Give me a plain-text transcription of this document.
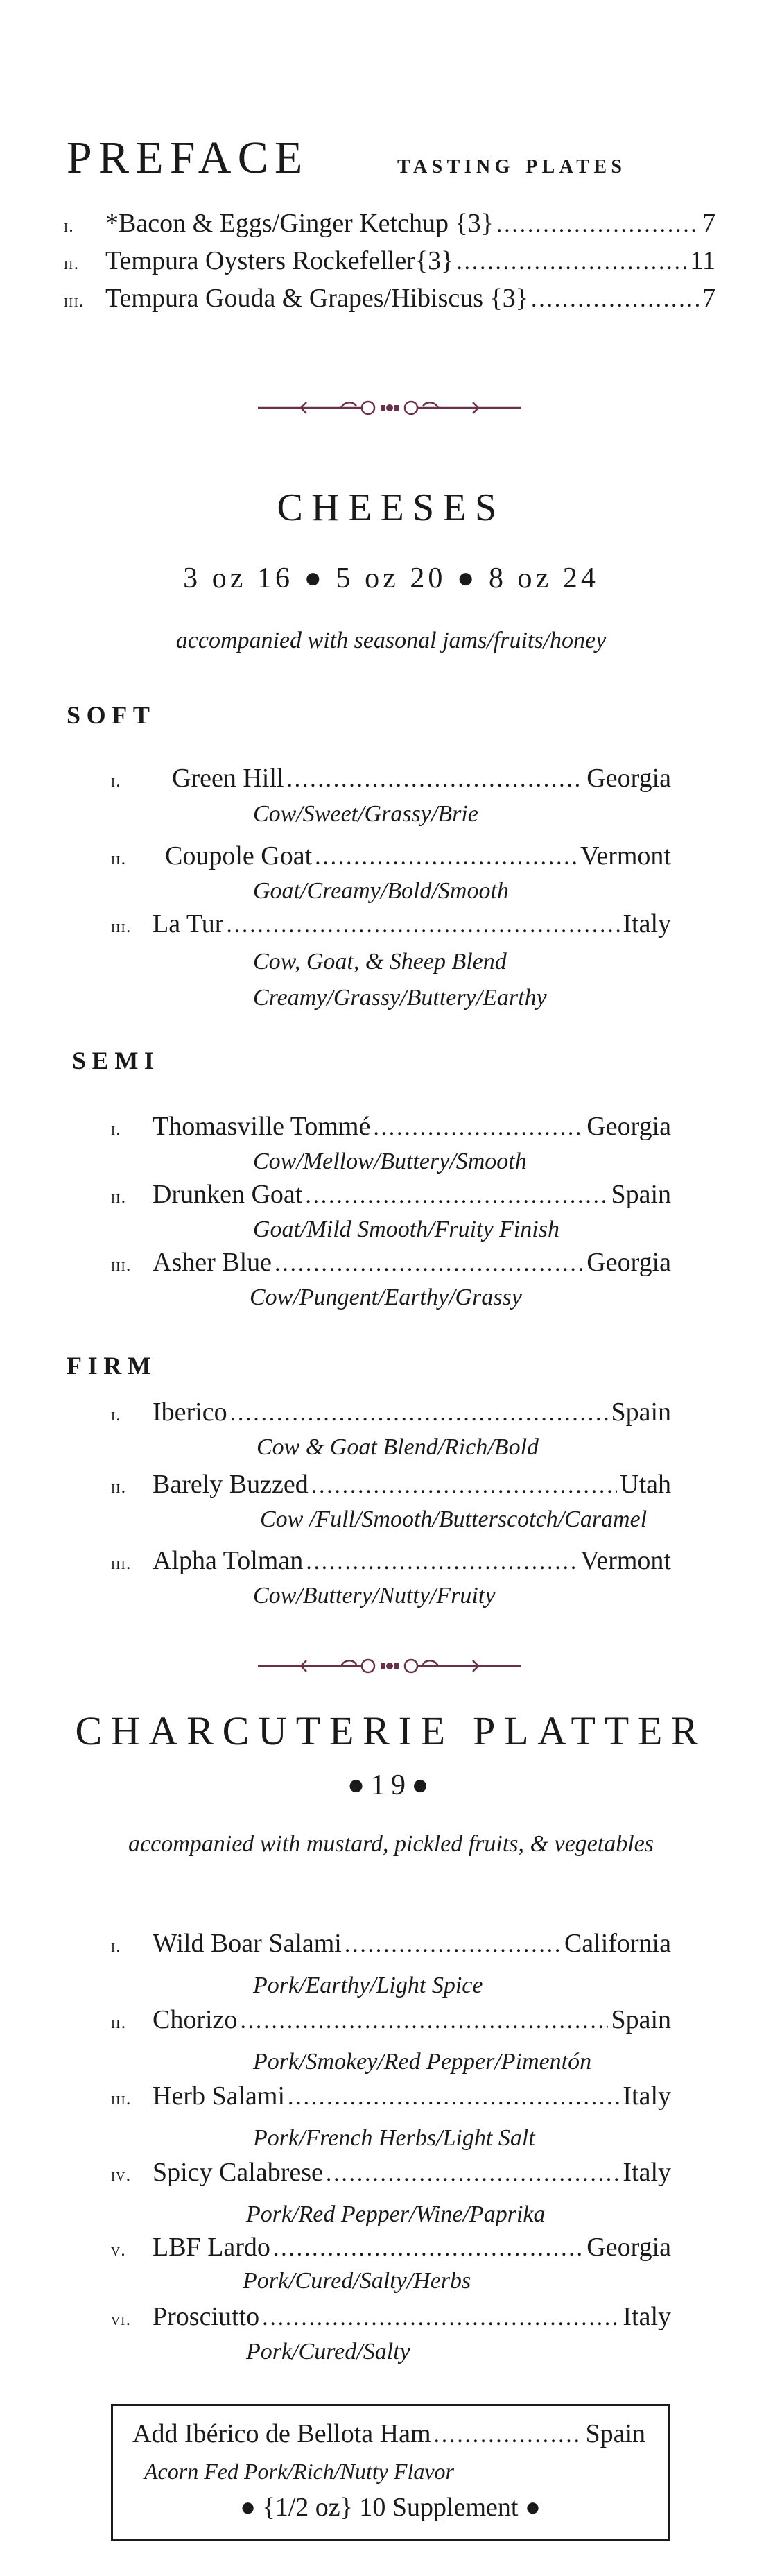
PREFACE	tasting plates
i.	*Bacon & Eggs/Ginger Ketchup {3} .....	7
ii. Tempura Oysters Rockefeller{3} .....	11
iii. Tempura Gouda & Grapes/Hibiscus {3} .....	7
CHEESES
3 oz 16 ● 5 oz 20 ● 8 oz 24
accompanied with seasonal jams/fruits/honey
SOFT
i.	Green Hill .....	Georgia
Cow/Sweet/Grassy/Brie
ii.	Coupole Goat .....	Vermont
Goat/Creamy/Bold/Smooth
iii. La Tur .....	Italy
Cow, Goat, & Sheep Blend
Creamy/Grassy/Buttery/Earthy
SEMI
i.	Thomasville Tommé .....	Georgia
Cow/Mellow/Buttery/Smooth
ii. Drunken Goat .....	Spain
Goat/Mild Smooth/Fruity Finish
iii. Asher Blue .....	Georgia
Cow/Pungent/Earthy/Grassy
FIRM
i.	Iberico .....	Spain
Cow & Goat Blend/Rich/Bold
ii. Barely Buzzed .....	Utah
Cow /Full/Smooth/Butterscotch/Caramel
iii. Alpha Tolman .....	Vermont
Cow/Buttery/Nutty/Fruity
CHARCUTERIE PLATTER
●19●
accompanied with mustard, pickled fruits, & vegetables
i.	Wild Boar Salami .....	California
Pork/Earthy/Light Spice
ii. Chorizo .....	Spain
Pork/Smokey/Red Pepper/Pimentón
iii. Herb Salami .....	Italy
Pork/French Herbs/Light Salt
iv. Spicy Calabrese .....	Italy
Pork/Red Pepper/Wine/Paprika
v. LBF Lardo .....	Georgia
Pork/Cured/Salty/Herbs
vi. Prosciutto .....	Italy
Pork/Cured/Salty
Add Ibérico de Bellota Ham .....	Spain
Acorn Fed Pork/Rich/Nutty Flavor
● {1/2 oz} 10 Supplement ●
